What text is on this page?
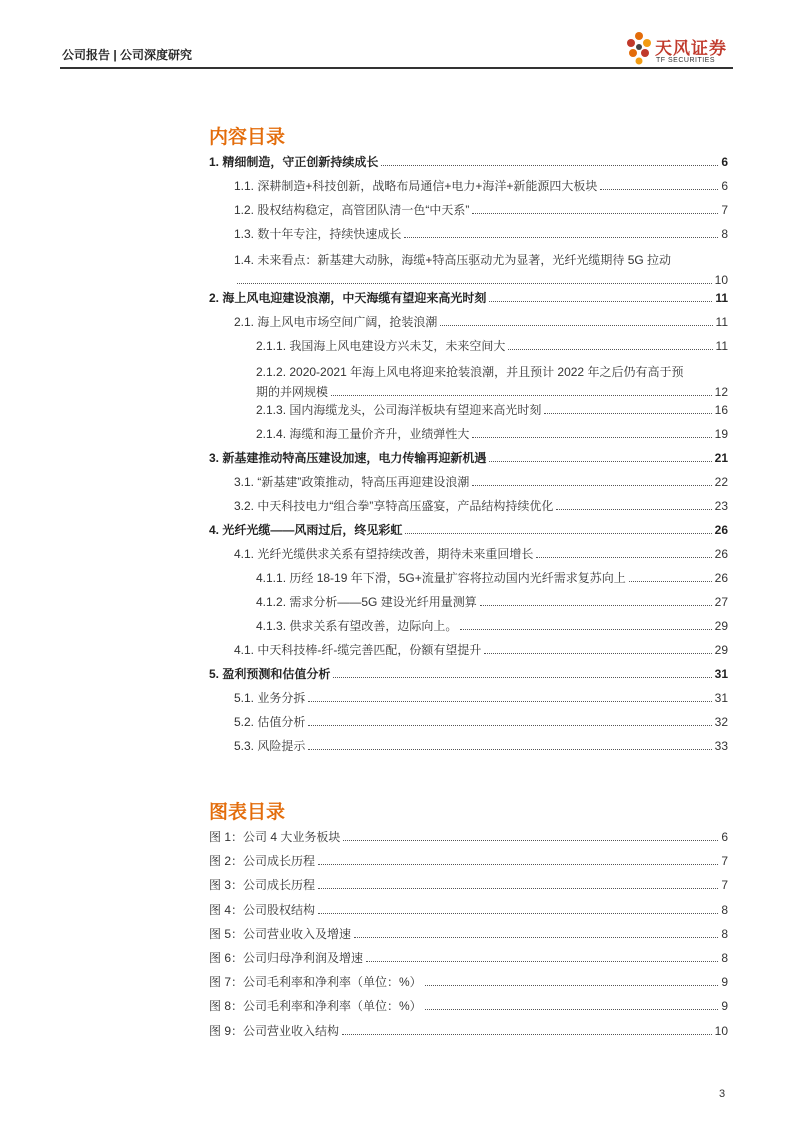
公司报告 | 公司深度研究	天风证券
TF SECURITIES
内容目录
1. 精细制造，守正创新持续成长	6
1.1. 深耕制造+科技创新，战略布局通信+电力+海洋+新能源四大板块	6
1.2. 股权结构稳定，高管团队清一色“中天系”	7
1.3. 数十年专注，持续快速成长	8
1.4. 未来看点：新基建大动脉，海缆+特高压驱动尤为显著，光纤光缆期待 5G 拉动
10
2. 海上风电迎建设浪潮，中天海缆有望迎来高光时刻	11
2.1. 海上风电市场空间广阔，抢装浪潮	11
2.1.1. 我国海上风电建设方兴未艾，未来空间大	11
2.1.2. 2020-2021 年海上风电将迎来抢装浪潮，并且预计 2022 年之后仍有高于预
期的并网规模	12
2.1.3. 国内海缆龙头，公司海洋板块有望迎来高光时刻	16
2.1.4. 海缆和海工量价齐升，业绩弹性大	19
3. 新基建推动特高压建设加速，电力传输再迎新机遇	21
3.1. “新基建”政策推动，特高压再迎建设浪潮	22
3.2. 中天科技电力“组合拳”享特高压盛宴，产品结构持续优化	23
4. 光纤光缆——风雨过后，终见彩虹	26
4.1. 光纤光缆供求关系有望持续改善，期待未来重回增长	26
4.1.1. 历经 18-19 年下滑，5G+流量扩容将拉动国内光纤需求复苏向上	26
4.1.2. 需求分析——5G 建设光纤用量测算	27
4.1.3. 供求关系有望改善，边际向上。	29
4.1. 中天科技棒-纤-缆完善匹配，份额有望提升	29
5. 盈利预测和估值分析	31
5.1. 业务分拆	31
5.2. 估值分析	32
5.3. 风险提示	33
图表目录
图 1：公司 4 大业务板块	6
图 2：公司成长历程	7
图 3：公司成长历程	7
图 4：公司股权结构	8
图 5：公司营业收入及增速	8
图 6：公司归母净利润及增速	8
图 7：公司毛利率和净利率（单位：%）	9
图 8：公司毛利率和净利率（单位：%）	9
图 9：公司营业收入结构	10
3
